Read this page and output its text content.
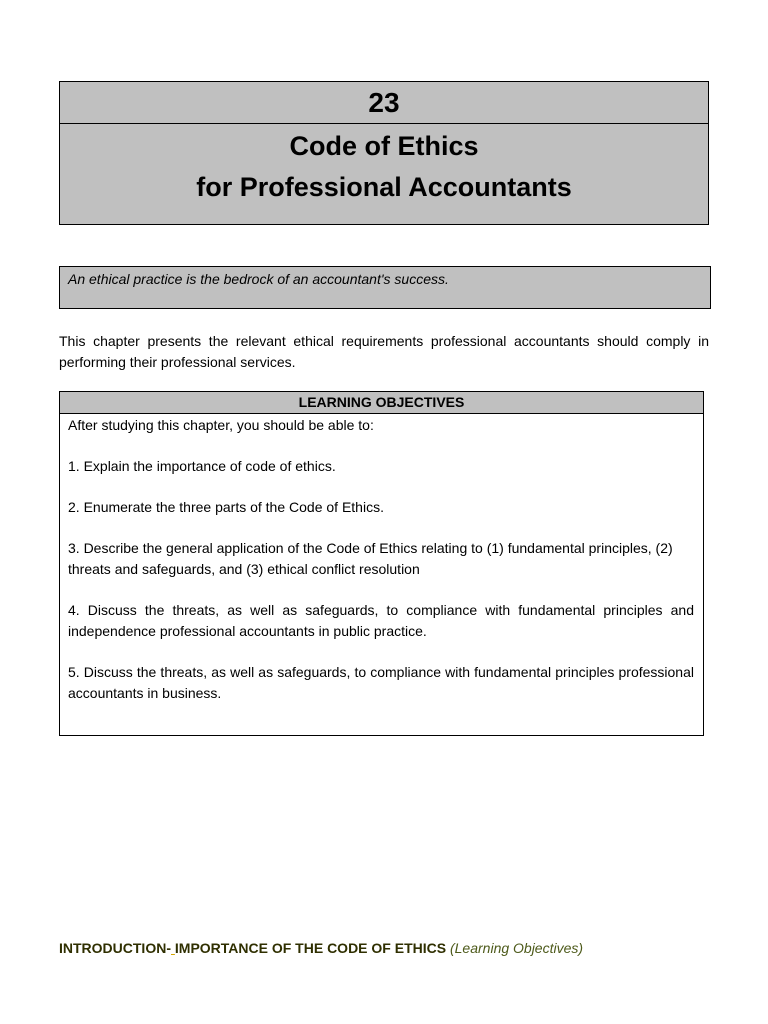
23
Code of Ethics
for Professional Accountants
An ethical practice is the bedrock of an accountant's success.
This chapter presents the relevant ethical requirements professional accountants should comply in performing their professional services.
LEARNING OBJECTIVES

After studying this chapter, you should be able to:

1. Explain the importance of code of ethics.

2. Enumerate the three parts of the Code of Ethics.

3. Describe the general application of the Code of Ethics relating to (1) fundamental principles, (2) threats and safeguards, and (3) ethical conflict resolution

4. Discuss the threats, as well as safeguards, to compliance with fundamental principles and independence professional accountants in public practice.

5. Discuss the threats, as well as safeguards, to compliance with fundamental principles professional accountants in business.

INTRODUCTION- IMPORTANCE OF THE CODE OF ETHICS (Learning Objectives)
